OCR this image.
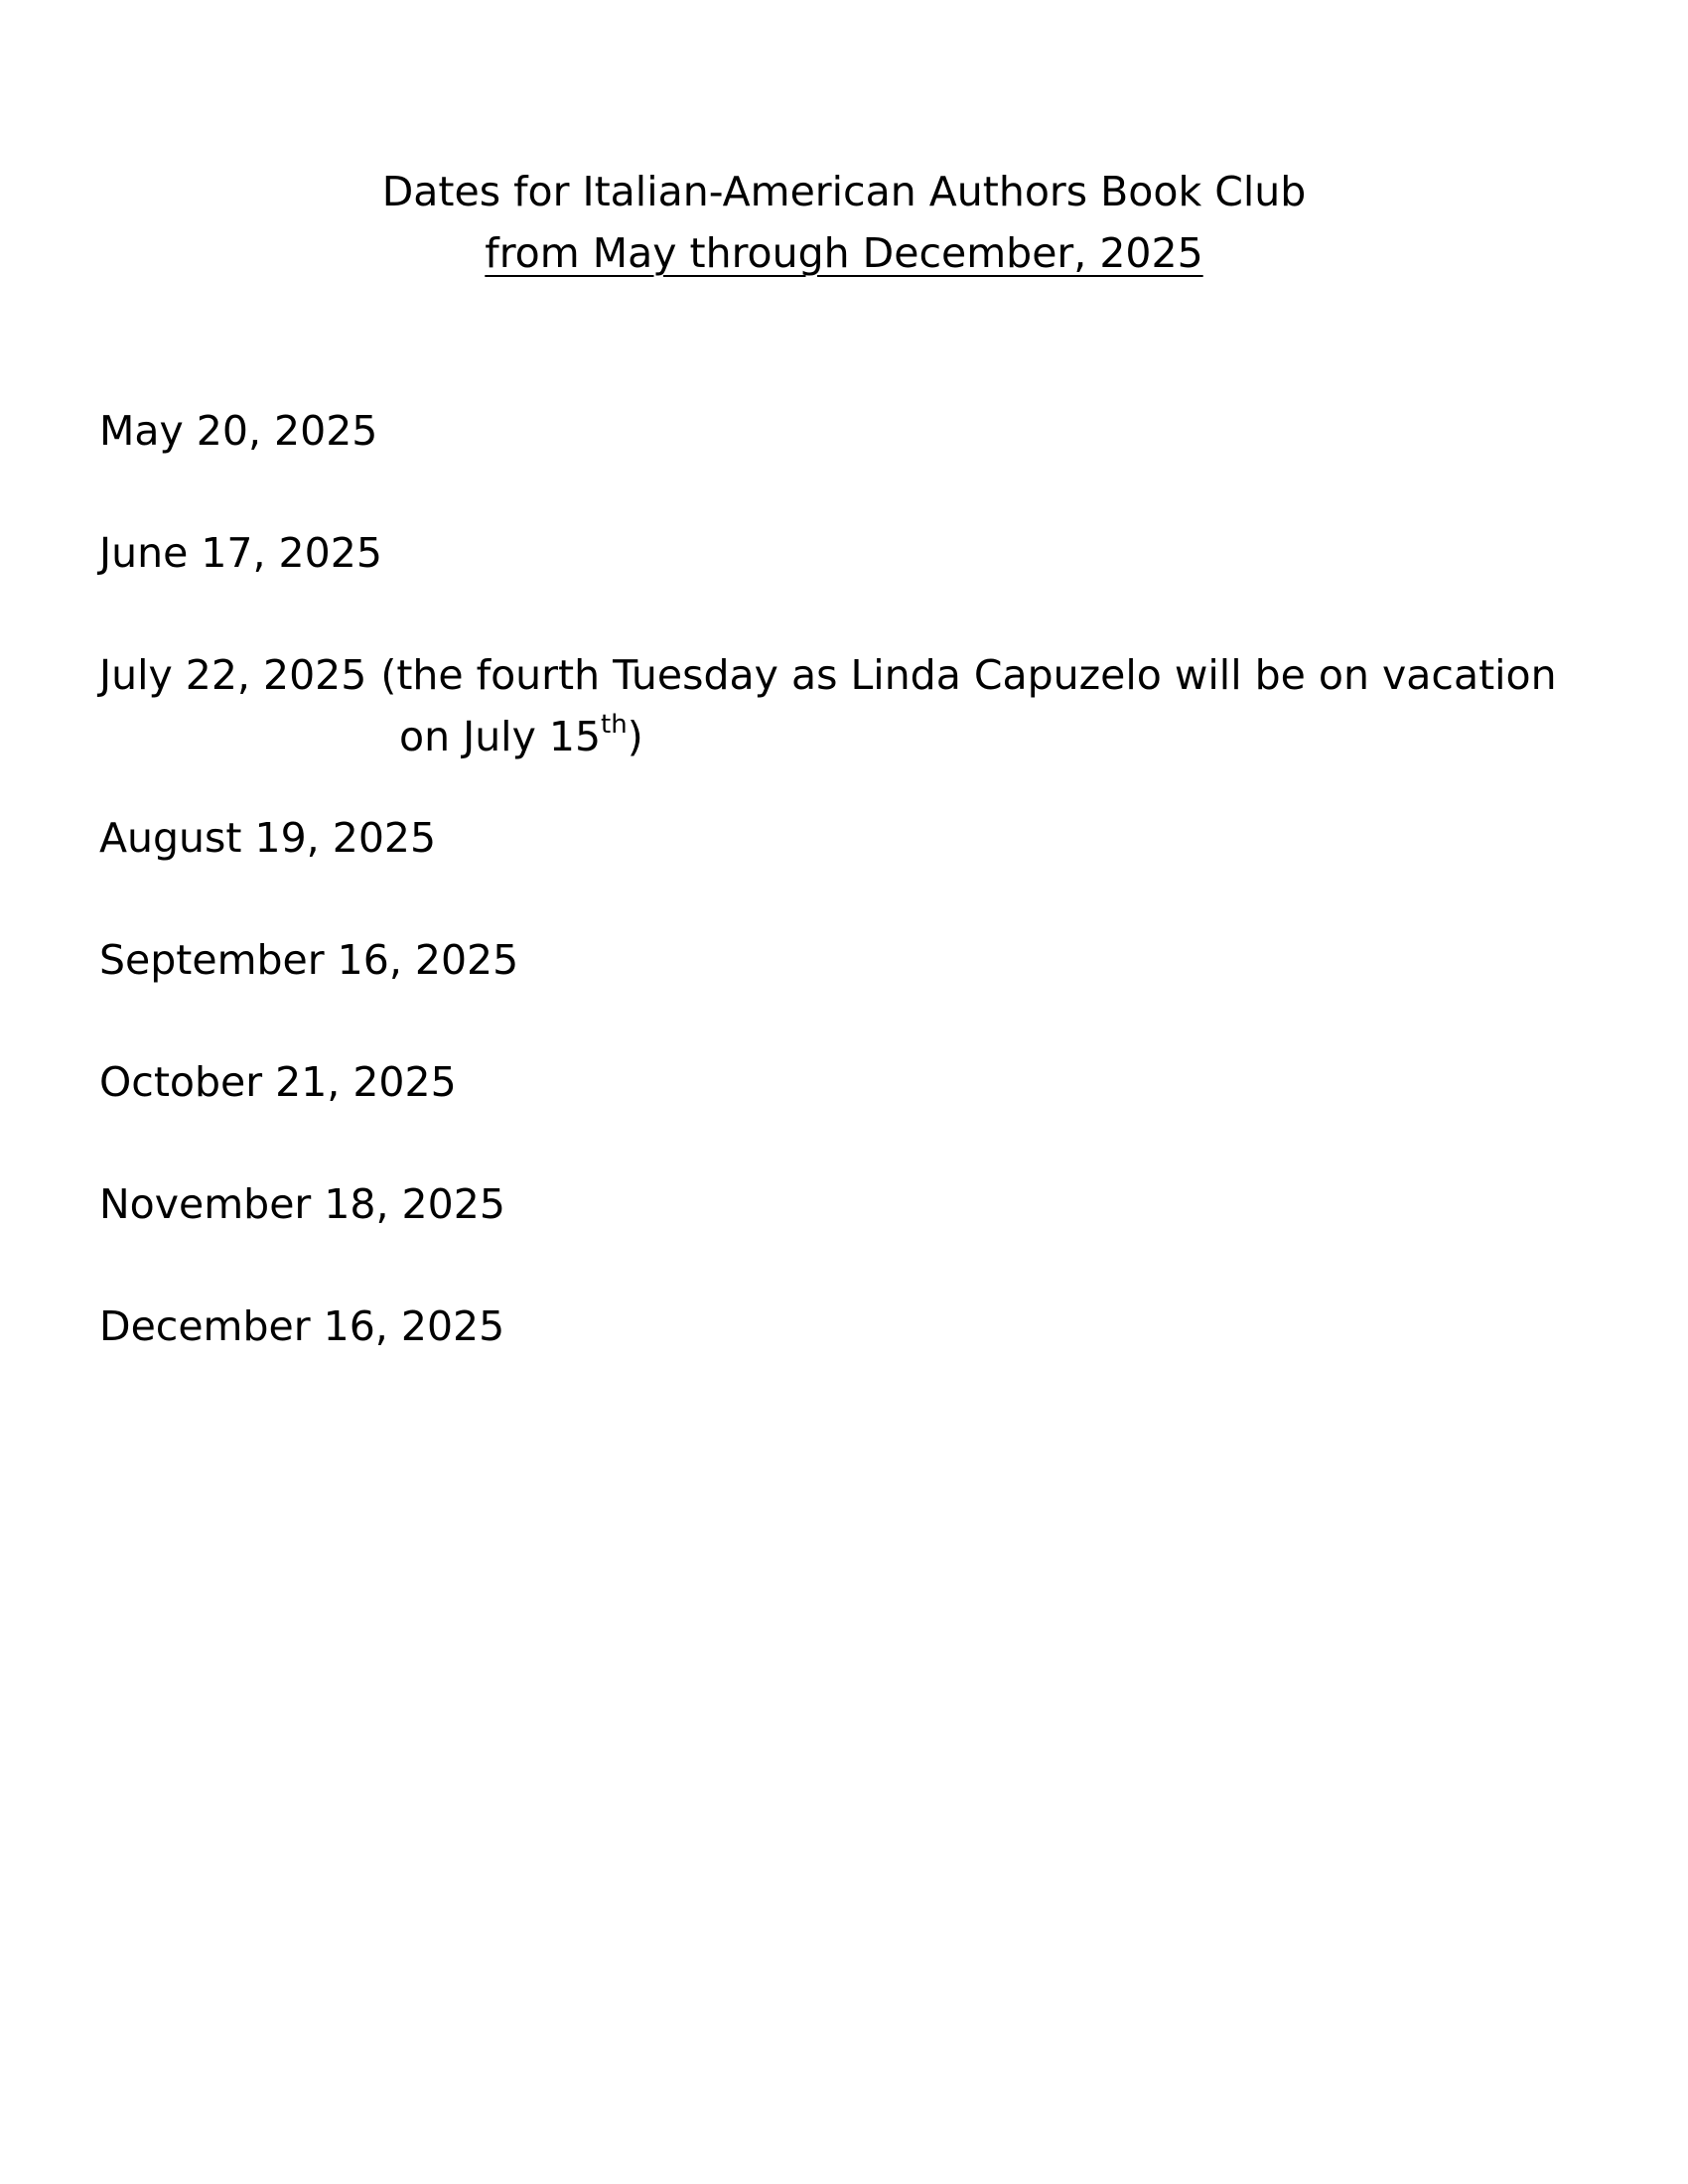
Dates for Italian-American Authors Book Club
from May through December, 2025
May 20, 2025
June 17, 2025
July 22, 2025 (the fourth Tuesday as Linda Capuzelo will be on vacation
on July 15th)
August 19, 2025
September 16, 2025
October 21, 2025
November 18, 2025
December 16, 2025
